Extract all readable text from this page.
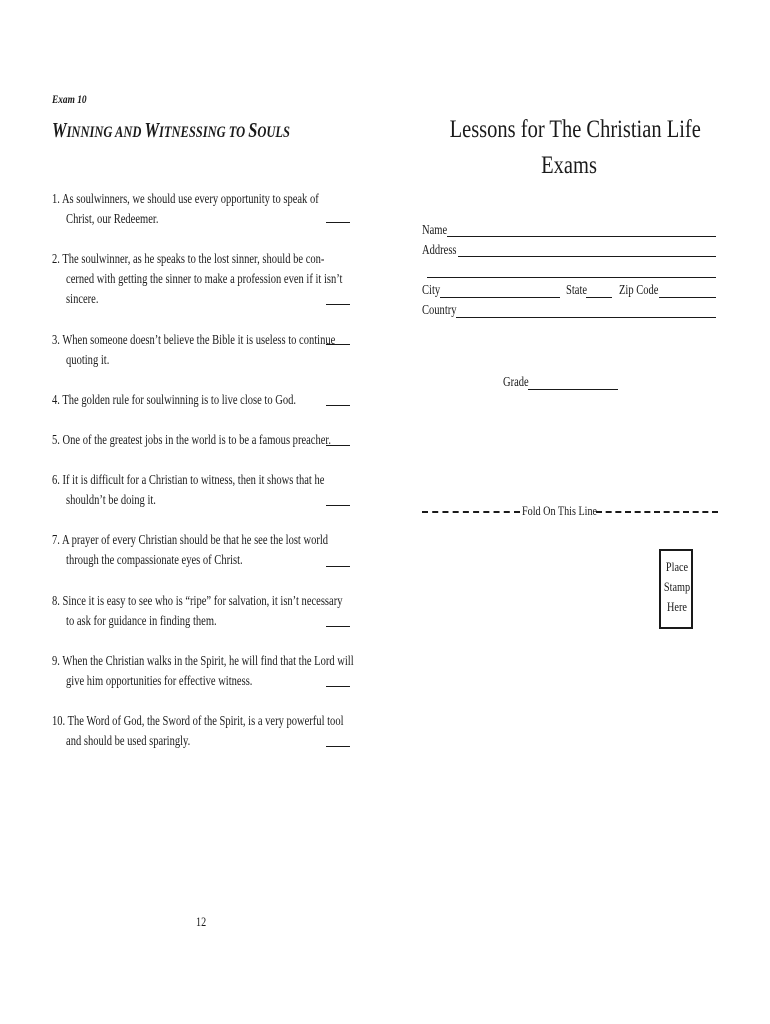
Exam 10
WINNING AND WITNESSING TO SOULS
1. As soulwinners, we should use every opportunity to speak of
Christ, our Redeemer.
2. The soulwinner, as he speaks to the lost sinner, should be con-
cerned with getting the sinner to make a profession even if it isn’t
sincere.
3. When someone doesn’t believe the Bible it is useless to continue
quoting it.
4. The golden rule for soulwinning is to live close to God.
5. One of the greatest jobs in the world is to be a famous preacher.
6. If it is difficult for a Christian to witness, then it shows that he
shouldn’t be doing it.
7. A prayer of every Christian should be that he see the lost world
through the compassionate eyes of Christ.
8. Since it is easy to see who is “ripe” for salvation, it isn’t necessary
to ask for guidance in finding them.
9. When the Christian walks in the Spirit, he will find that the Lord will
give him opportunities for effective witness.
10. The Word of God, the Sword of the Spirit, is a very powerful tool
and should be used sparingly.
Lessons for The Christian Life
Exams
Name
Address
City	State Zip Code
Country
Grade
Fold On This Line
Place
Stamp
Here
12
